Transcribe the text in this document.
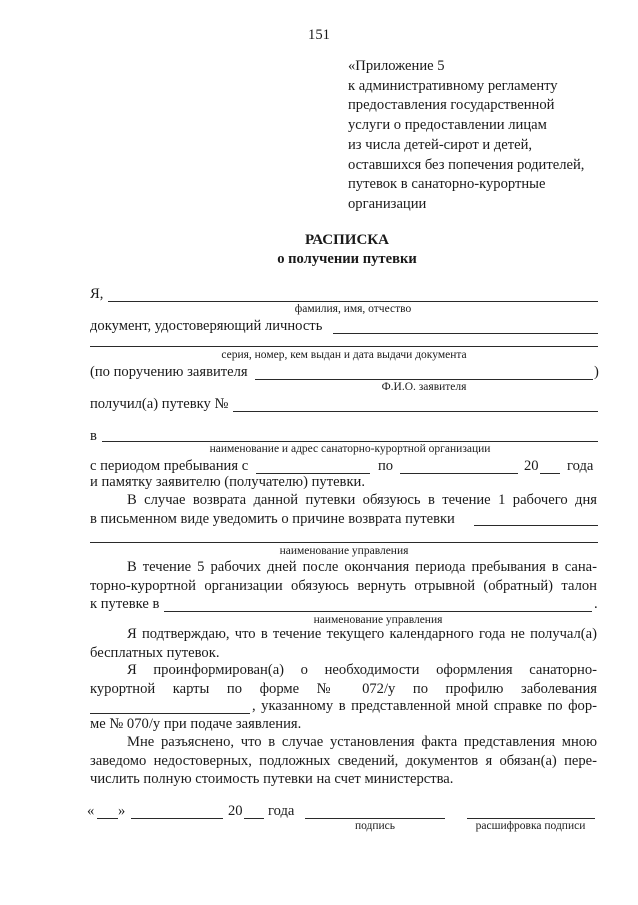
151
«Приложение 5
к административному регламенту
предоставления государственной
услуги о предоставлении лицам
из числа детей-сирот и детей,
оставшихся без попечения родителей,
путевок в санаторно-курортные
организации
РАСПИСКА
о получении путевки
Я,
фамилия, имя, отчество
документ, удостоверяющий личность
серия, номер, кем выдан и дата выдачи документа
(по поручению заявителя	)
Ф.И.О. заявителя
получил(а) путевку №
в
наименование и адрес санаторно-курортной организации
с периодом пребывания с	по	20 года
и памятку заявителю (получателю) путевки.
В случае возврата данной путевки обязуюсь в течение 1 рабочего дня
в письменном виде уведомить о причине возврата путевки
наименование управления
В течение 5 рабочих дней после окончания периода пребывания в сана-
торно-курортной организации обязуюсь вернуть отрывной (обратный) талон
к путевке в	.
наименование управления
Я подтверждаю, что в течение текущего календарного года не получал(а)
бесплатных путевок.
Я проинформирован(а) о необходимости оформления санаторно-
курортной карты по форме № 072/у по профилю заболевания
, указанному в представленной мной справке по фор-
ме № 070/у при подаче заявления.
Мне разъяснено, что в случае установления факта представления мною
заведомо недостоверных, подложных сведений, документов я обязан(а) пере-
числить полную стоимость путевки на счет министерства.
« »	20 года
подпись	расшифровка подписи
